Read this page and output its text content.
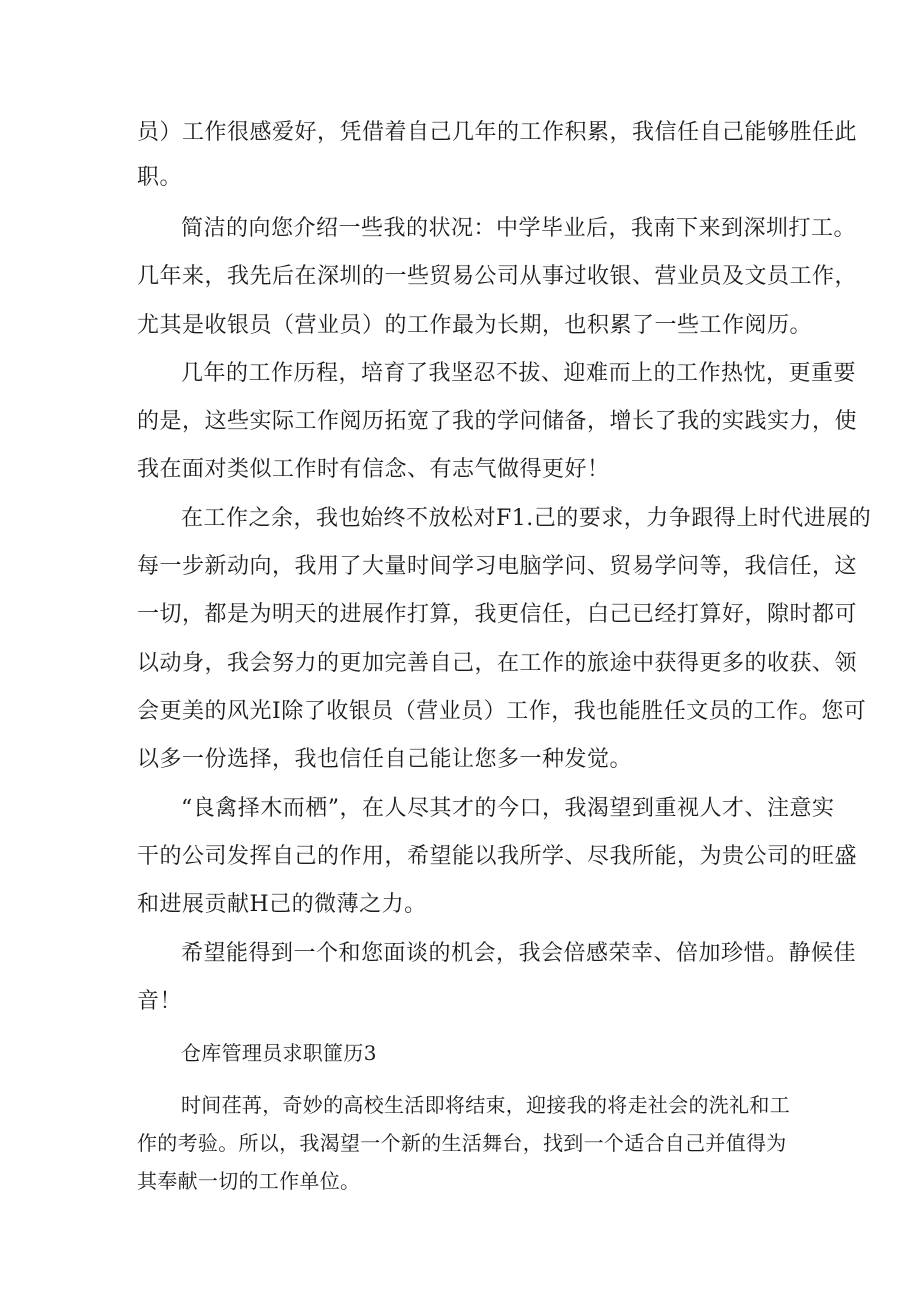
员）工作很感爱好，凭借着自己几年的工作积累，我信任自己能够胜任此
职。
简洁的向您介绍一些我的状况：中学毕业后，我南下来到深圳打工。
几年来，我先后在深圳的一些贸易公司从事过收银、营业员及文员工作，
尤其是收银员（营业员）的工作最为长期，也积累了一些工作阅历。
几年的工作历程，培育了我坚忍不拔、迎难而上的工作热忱，更重要
的是，这些实际工作阅历拓宽了我的学问储备，增长了我的实践实力，使
我在面对类似工作时有信念、有志气做得更好！
在工作之余，我也始终不放松对F1.己的要求，力争跟得上时代进展的
每一步新动向，我用了大量时间学习电脑学问、贸易学问等，我信任，这
一切，都是为明天的进展作打算，我更信任，白己已经打算好，隙时都可
以动身，我会努力的更加完善自己，在工作的旅途中获得更多的收获、领
会更美的风光I除了收银员（营业员）工作，我也能胜任文员的工作。您可
以多一份选择，我也信任自己能让您多一种发觉。
“良禽择木而栖”，在人尽其才的今口，我渴望到重视人才、注意实
干的公司发挥自己的作用，希望能以我所学、尽我所能，为贵公司的旺盛
和进展贡献H己的微薄之力。
希望能得到一个和您面谈的机会，我会倍感荣幸、倍加珍惜。静候佳
音！
仓库管理员求职篚历3
时间荏苒，奇妙的高校生活即将结束，迎接我的将走社会的洗礼和工
作的考验。所以，我渴望一个新的生活舞台，找到一个适合自己并值得为
其奉献一切的工作单位。
